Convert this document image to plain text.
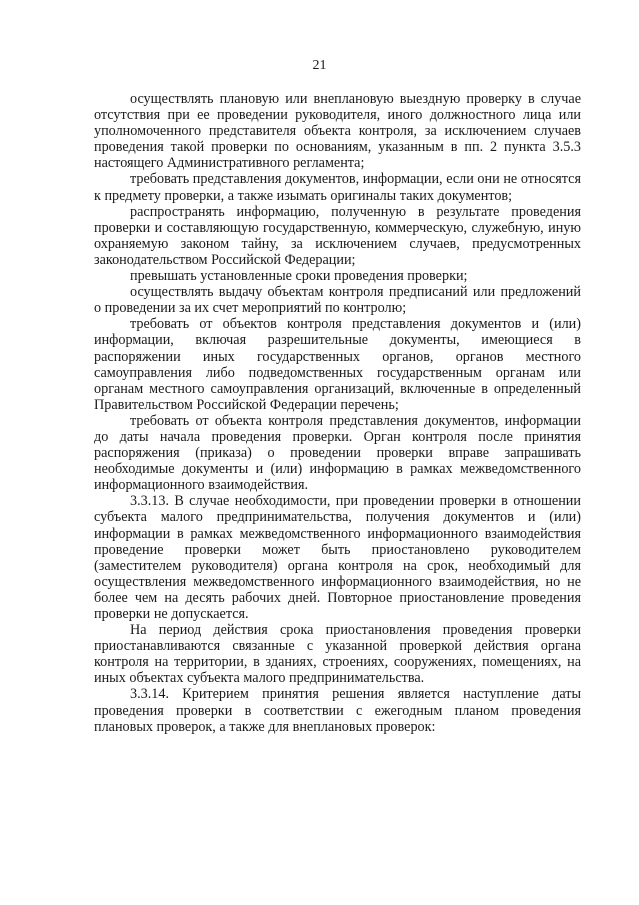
21

осуществлять плановую или внеплановую выездную проверку в случае отсутствия при ее проведении руководителя, иного должностного лица или уполномоченного представителя объекта контроля, за исключением случаев проведения такой проверки по основаниям, указанным в пп. 2 пункта 3.5.3 настоящего Административного регламента;

требовать представления документов, информации, если они не относятся к предмету проверки, а также изымать оригиналы таких документов;

распространять информацию, полученную в результате проведения проверки и составляющую государственную, коммерческую, служебную, иную охраняемую законом тайну, за исключением случаев, предусмотренных законодательством Российской Федерации;

превышать установленные сроки проведения проверки;

осуществлять выдачу объектам контроля предписаний или предложений о проведении за их счет мероприятий по контролю;

требовать от объектов контроля представления документов и (или) информации, включая разрешительные документы, имеющиеся в распоряжении иных государственных органов, органов местного самоуправления либо подведомственных государственным органам или органам местного самоуправления организаций, включенные в определенный Правительством Российской Федерации перечень;

требовать от объекта контроля представления документов, информации до даты начала проведения проверки. Орган контроля после принятия распоряжения (приказа) о проведении проверки вправе запрашивать необходимые документы и (или) информацию в рамках межведомственного информационного взаимодействия.

3.3.13. В случае необходимости, при проведении проверки в отношении субъекта малого предпринимательства, получения документов и (или) информации в рамках межведомственного информационного взаимодействия проведение проверки может быть приостановлено руководителем (заместителем руководителя) органа контроля на срок, необходимый для осуществления межведомственного информационного взаимодействия, но не более чем на десять рабочих дней. Повторное приостановление проведения проверки не допускается.

На период действия срока приостановления проведения проверки приостанавливаются связанные с указанной проверкой действия органа контроля на территории, в зданиях, строениях, сооружениях, помещениях, на иных объектах субъекта малого предпринимательства.

3.3.14. Критерием принятия решения является наступление даты проведения проверки в соответствии с ежегодным планом проведения плановых проверок, а также для внеплановых проверок:
